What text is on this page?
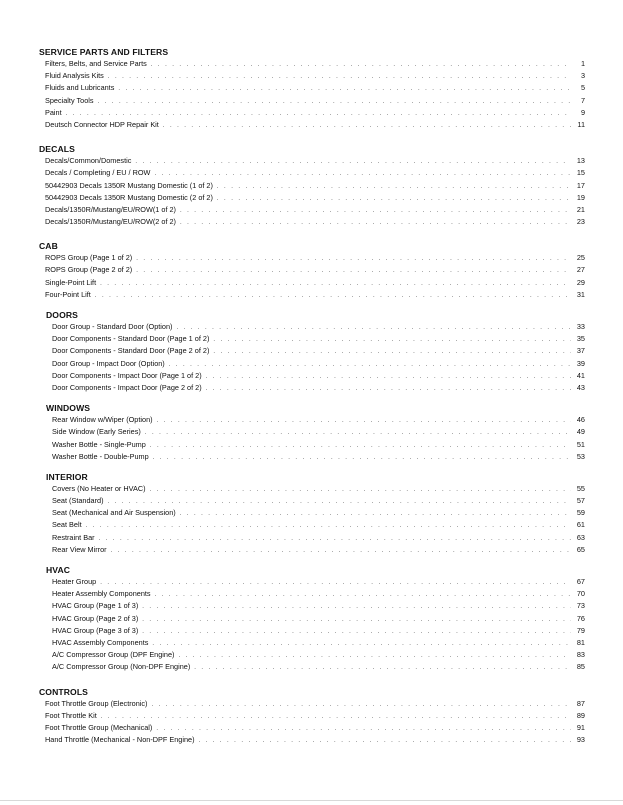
SERVICE PARTS AND FILTERS
Filters, Belts, and Service Parts . . .	1
Fluid Analysis Kits . . .	3
Fluids and Lubricants . . .	5
Specialty Tools . . .	7
Paint . . .	9
Deutsch Connector HDP Repair Kit . . .	11
DECALS
Decals/Common/Domestic . . .	13
Decals / Completing / EU / ROW . . .	15
50442903 Decals 1350R Mustang Domestic (1 of 2) . . .	17
50442903 Decals 1350R Mustang Domestic (2 of 2) . . .	19
Decals/1350R/Mustang/EU/ROW(1 of 2) . . .	21
Decals/1350R/Mustang/EU/ROW(2 of 2) . . .	23
CAB
ROPS Group (Page 1 of 2) . . .	25
ROPS Group (Page 2 of 2) . . .	27
Single-Point Lift . . .	29
Four-Point Lift . . .	31
DOORS
Door Group - Standard Door (Option) . . .	33
Door Components - Standard Door (Page 1 of 2) . . .	35
Door Components - Standard Door (Page 2 of 2) . . .	37
Door Group - Impact Door (Option) . . .	39
Door Components - Impact Door (Page 1 of 2) . . .	41
Door Components - Impact Door (Page 2 of 2) . . .	43
WINDOWS
Rear Window w/Wiper (Option) . . .	46
Side Window (Early Series) . . .	49
Washer Bottle - Single-Pump . . .	51
Washer Bottle - Double-Pump . . .	53
INTERIOR
Covers (No Heater or HVAC) . . .	55
Seat (Standard) . . .	57
Seat (Mechanical and Air Suspension) . . .	59
Seat Belt . . .	61
Restraint Bar . . .	63
Rear View Mirror . . .	65
HVAC
Heater Group . . .	67
Heater Assembly Components . . .	70
HVAC Group (Page 1 of 3) . . .	73
HVAC Group (Page 2 of 3) . . .	76
HVAC Group (Page 3 of 3) . . .	79
HVAC Assembly Components . . .	81
A/C Compressor Group (DPF Engine) . . .	83
A/C Compressor Group (Non-DPF Engine) . . .	85
CONTROLS
Foot Throttle Group (Electronic) . . .	87
Foot Throttle Kit . . .	89
Foot Throttle Group (Mechanical) . . .	91
Hand Throttle (Mechanical - Non-DPF Engine) . . .	93
